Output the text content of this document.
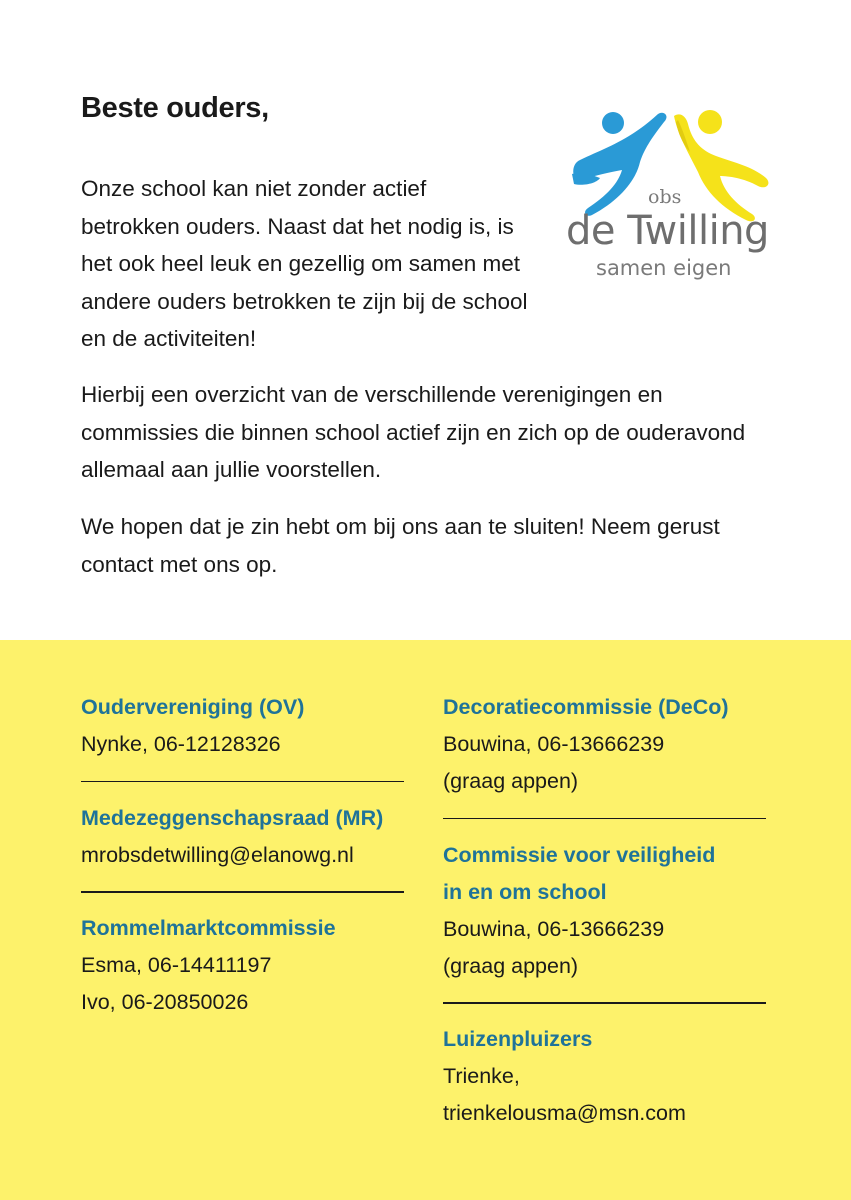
Beste ouders,

Onze school kan niet zonder actief betrokken ouders. Naast dat het nodig is, is het ook heel leuk en gezellig om samen met andere ouders betrokken te zijn bij de school en de activiteiten!

Hierbij een overzicht van de verschillende verenigingen en commissies die binnen school actief zijn en zich op de ouderavond allemaal aan jullie voorstellen.

We hopen dat je zin hebt om bij ons aan te sluiten! Neem gerust contact met ons op.

obs
de Twilling
samen eigen

Oudervereniging (OV)

Nynke, 06-12128326

Medezeggenschapsraad (MR)

mrobsdetwilling@elanowg.nl

Rommelmarktcommissie

Esma, 06-14411197

Ivo, 06-20850026

Decoratiecommissie (DeCo)

Bouwina, 06-13666239

(graag appen)

Commissie voor veiligheid

in en om school

Bouwina, 06-13666239

(graag appen)

Luizenpluizers

Trienke,

trienkelousma@msn.com
